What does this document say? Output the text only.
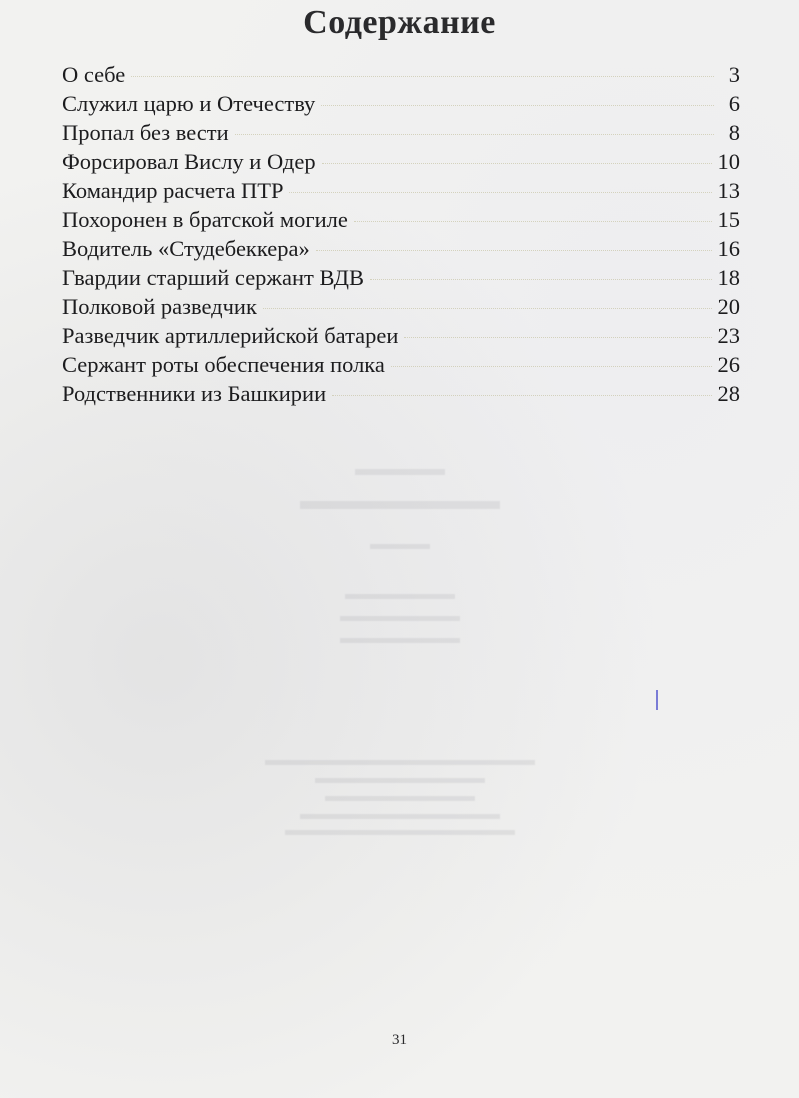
Содержание
О себе	3
Служил царю и Отечеству	6
Пропал без вести	8
Форсировал Вислу и Одер	10
Командир расчета ПТР	13
Похоронен в братской могиле	15
Водитель «Студебеккера»	16
Гвардии старший сержант ВДВ	18
Полковой разведчик	20
Разведчик артиллерийской батареи	23
Сержант роты обеспечения полка	26
Родственники из Башкирии	28
31
